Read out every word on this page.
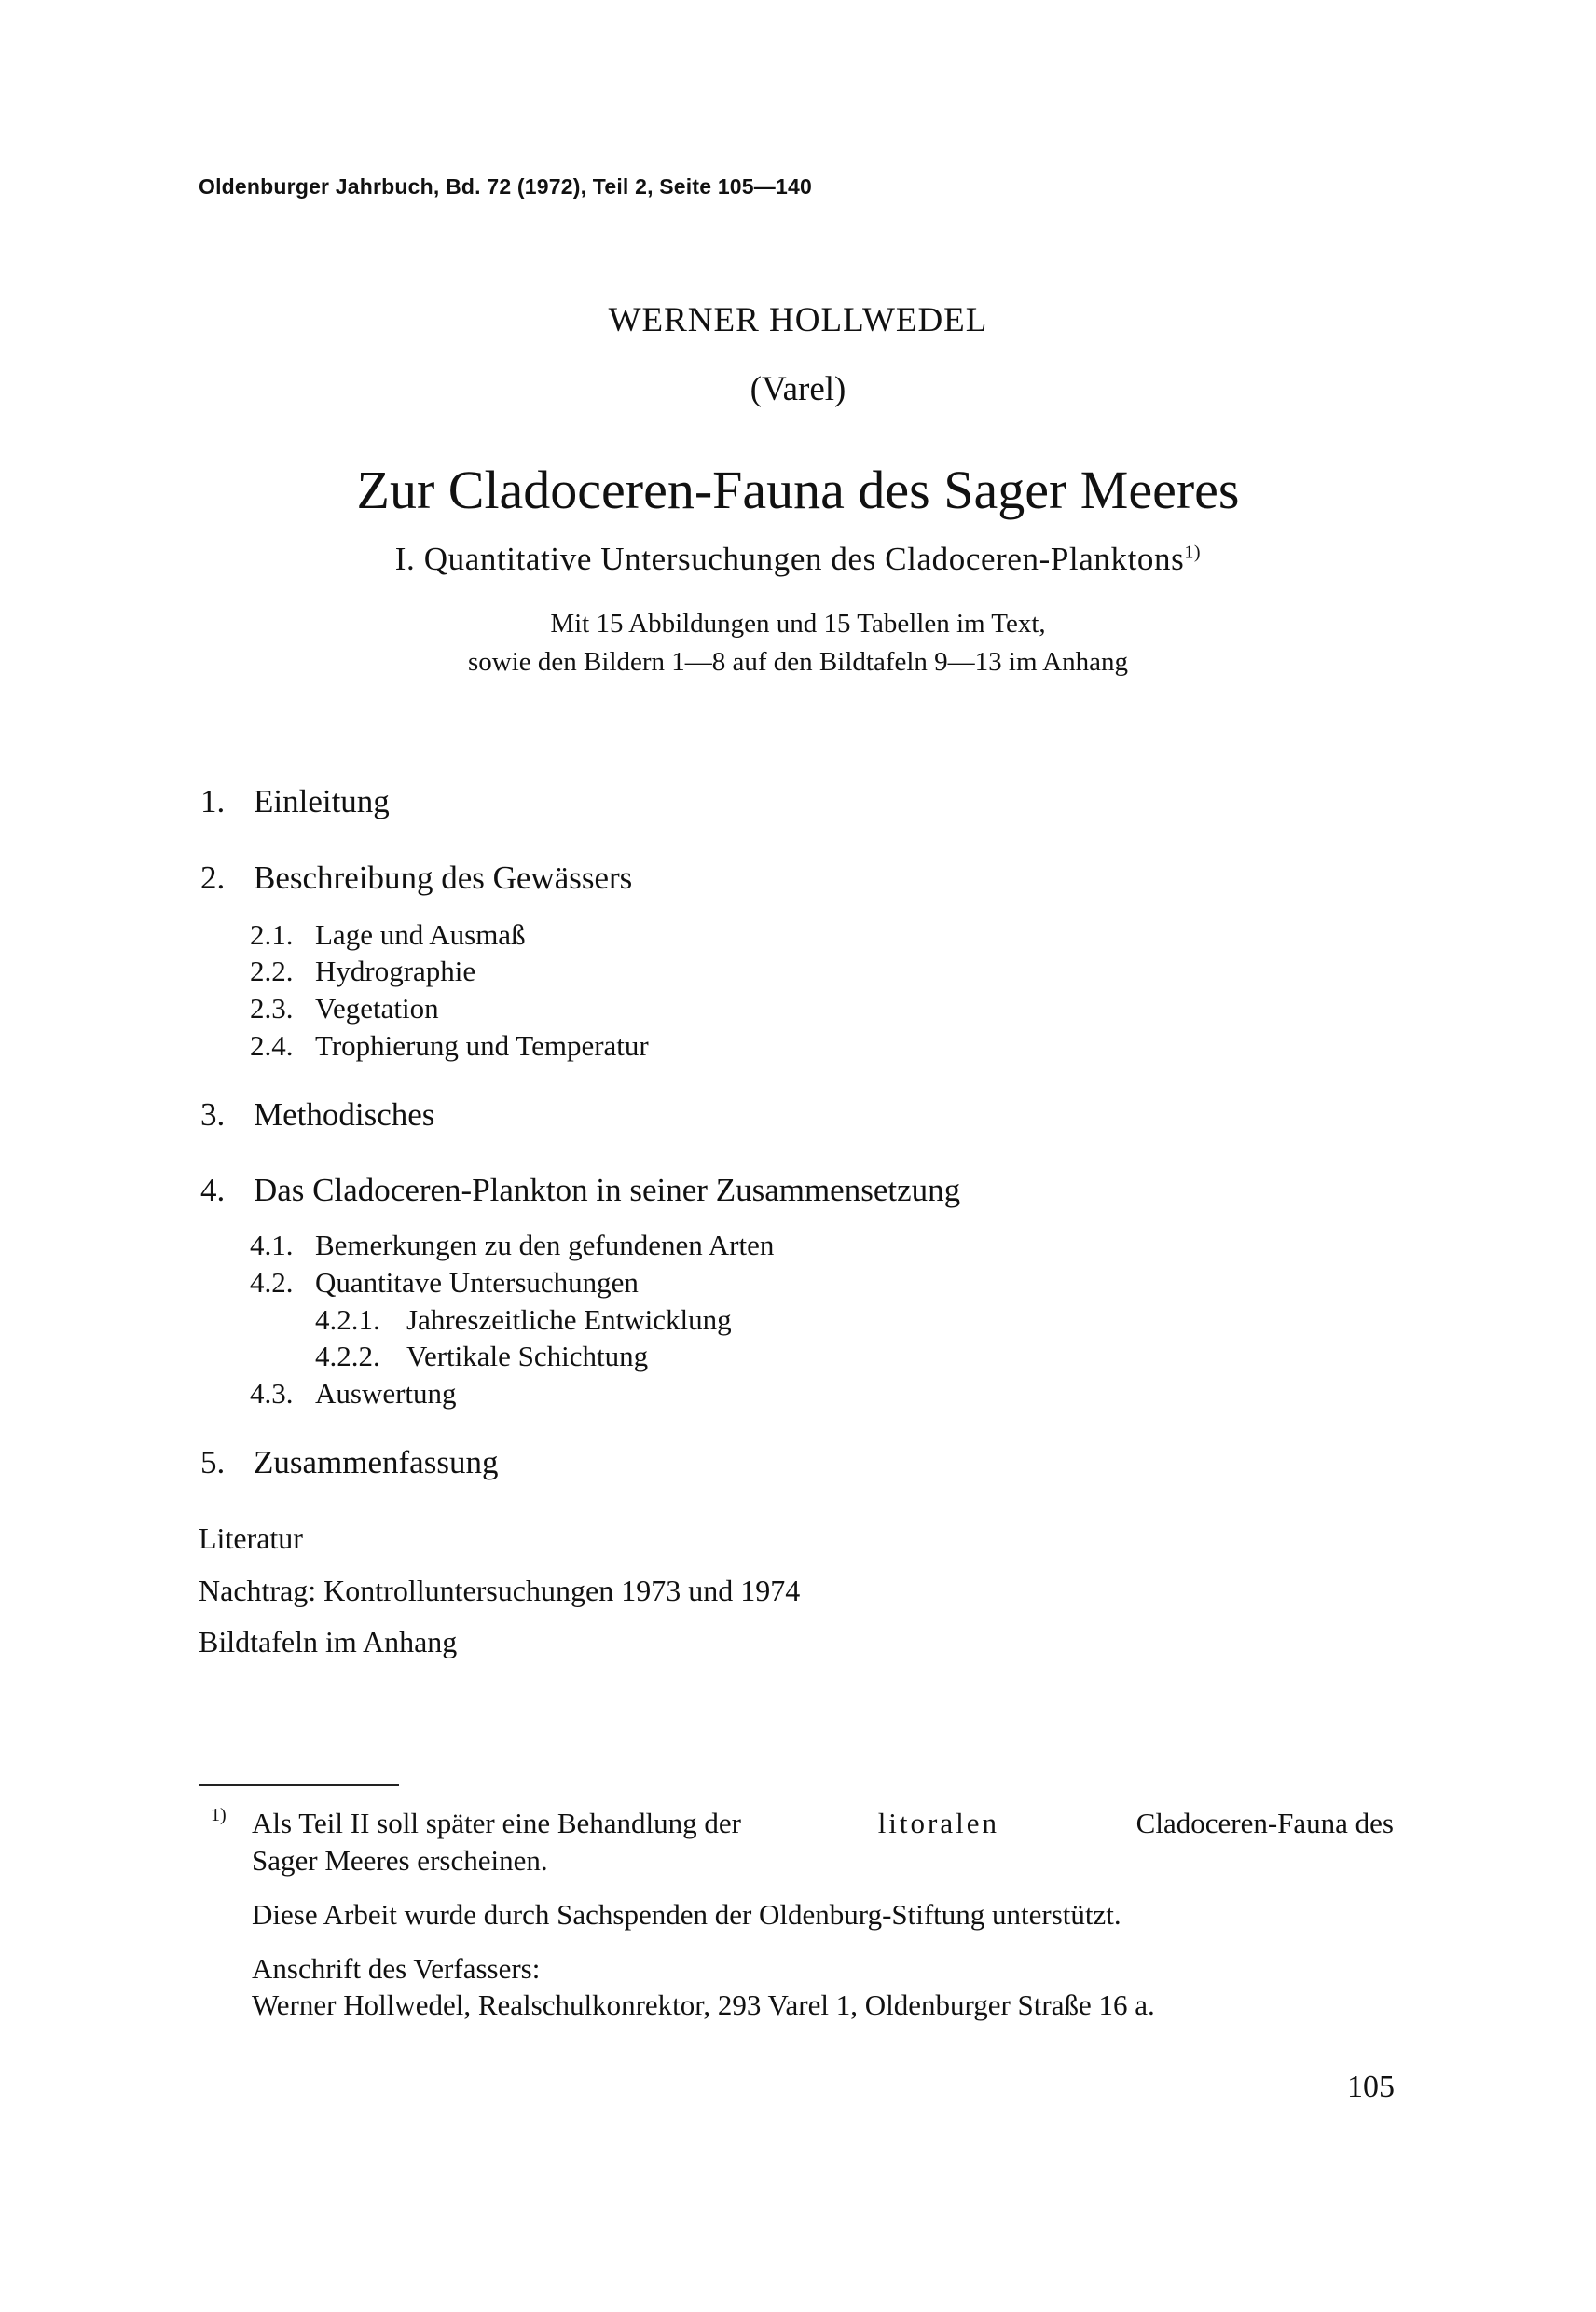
Oldenburger Jahrbuch, Bd. 72 (1972), Teil 2, Seite 105—140
WERNER HOLLWEDEL
(Varel)
Zur Cladoceren-Fauna des Sager Meeres
I. Quantitative Untersuchungen des Cladoceren-Planktons$^{1)}$
Mit 15 Abbildungen und 15 Tabellen im Text,
sowie den Bildern 1—8 auf den Bildtafeln 9—13 im Anhang
1. Einleitung
2. Beschreibung des Gewässers
2.1. Lage und Ausmaß
2.2. Hydrographie
2.3. Vegetation
2.4. Trophierung und Temperatur
3. Methodisches
4. Das Cladoceren-Plankton in seiner Zusammensetzung
4.1. Bemerkungen zu den gefundenen Arten
4.2. Quantitave Untersuchungen
4.2.1. Jahreszeitliche Entwicklung
4.2.2. Vertikale Schichtung
4.3. Auswertung
5. Zusammenfassung
Literatur
Nachtrag: Kontrolluntersuchungen 1973 und 1974
Bildtafeln im Anhang
$^{1)}$ Als Teil II soll später eine Behandlung der	litoralen	Cladoceren-Fauna des
Sager Meeres erscheinen.
Diese Arbeit wurde durch Sachspenden der Oldenburg-Stiftung unterstützt.
Anschrift des Verfassers:
Werner Hollwedel, Realschulkonrektor, 293 Varel 1, Oldenburger Straße 16 a.
105
